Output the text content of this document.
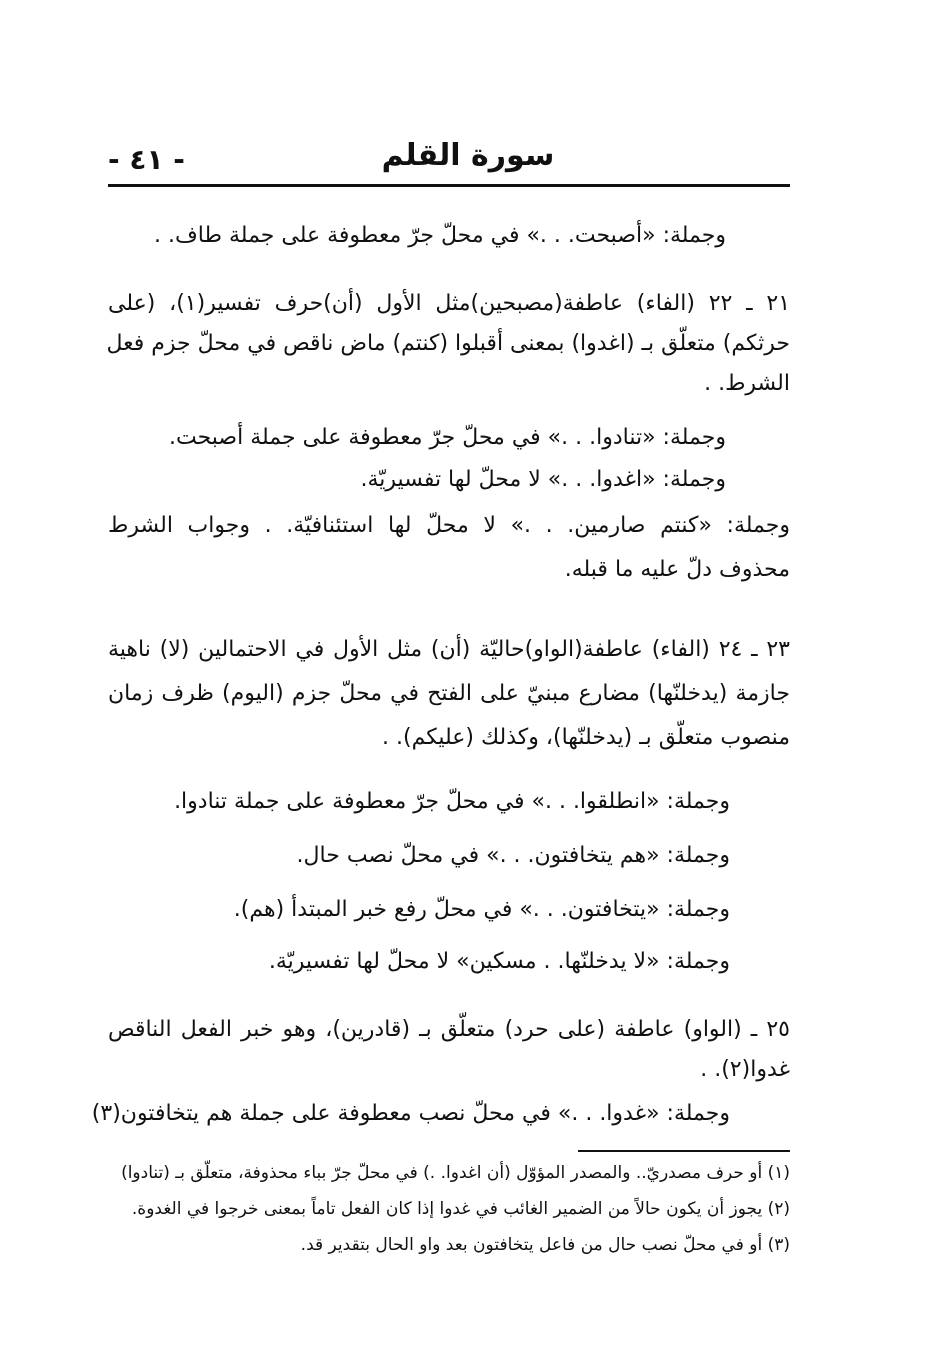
سورة القلم
- ٤١ -
وجملة: «أصبحت. . .» في محلّ جرّ معطوفة على جملة طاف. .
٢١ ـ ٢٢ (الفاء) عاطفة(مصبحين)مثل الأول (أن)حرف تفسير(١)، (على
حرثكم) متعلّق بـ (اغدوا) بمعنى أقبلوا (كنتم) ماض ناقص في محلّ جزم فعل
الشرط. .
وجملة: «تنادوا. . .» في محلّ جرّ معطوفة على جملة أصبحت.
وجملة: «اغدوا. . .» لا محلّ لها تفسيريّة.
وجملة: «كنتم صارمين. . .» لا محلّ لها استئنافيّة. . وجواب الشرط
محذوف دلّ عليه ما قبله.
٢٣ ـ ٢٤ (الفاء) عاطفة(الواو)حاليّة (أن) مثل الأول في الاحتمالين (لا) ناهية
جازمة (يدخلنّها) مضارع مبنيّ على الفتح في محلّ جزم (اليوم) ظرف زمان
منصوب متعلّق بـ (يدخلنّها)، وكذلك (عليكم). .
وجملة: «انطلقوا. . .» في محلّ جرّ معطوفة على جملة تنادوا.
وجملة: «هم يتخافتون. . .» في محلّ نصب حال.
وجملة: «يتخافتون. . .» في محلّ رفع خبر المبتدأ (هم).
وجملة: «لا يدخلنّها. . مسكين» لا محلّ لها تفسيريّة.
٢٥ ـ (الواو) عاطفة (على حرد) متعلّق بـ (قادرين)، وهو خبر الفعل الناقص
غدوا(٢). .
وجملة: «غدوا. . .» في محلّ نصب معطوفة على جملة هم يتخافتون(٣)
(١) أو حرف مصدريّ.. والمصدر المؤوّل (أن اغدوا. .) في محلّ جرّ بباء محذوفة، متعلّق بـ (تنادوا)
(٢) يجوز أن يكون حالاً من الضمير الغائب في غدوا إذا كان الفعل تاماً بمعنى خرجوا في الغدوة.
(٣) أو في محلّ نصب حال من فاعل يتخافتون بعد واو الحال بتقدير قد.
